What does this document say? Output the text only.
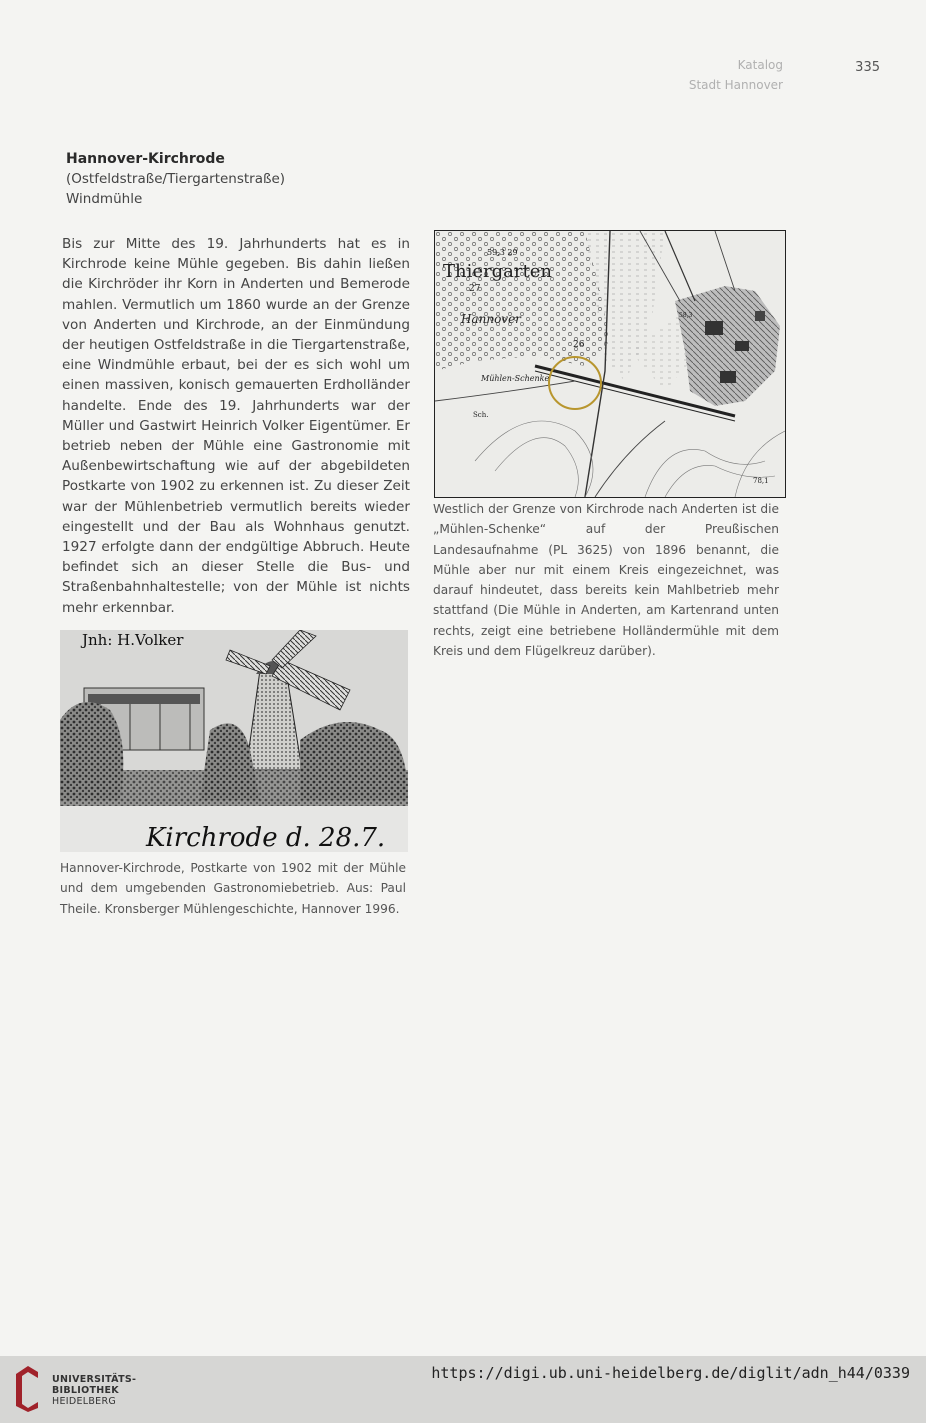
Katalog
Stadt Hannover
335
Hannover-Kirchrode
(Ostfeldstraße/Tiergartenstraße)
Windmühle
Bis zur Mitte des 19. Jahrhunderts hat es in Kirchrode keine Mühle gegeben. Bis dahin ließen die Kirchröder ihr Korn in Anderten und Bemerode mahlen. Vermutlich um 1860 wurde an der Grenze von Anderten und Kirchrode, an der Einmündung der heutigen Ostfeldstraße in die Tiergartenstraße, eine Windmühle erbaut, bei der es sich wohl um einen massiven, konisch gemauerten Erdholländer handelte. Ende des 19. Jahrhunderts war der Müller und Gastwirt Heinrich Volker Eigentümer. Er betrieb neben der Mühle eine Gastronomie mit Außenbewirtschaftung wie auf der abgebildeten Postkarte von 1902 zu erkennen ist. Zu dieser Zeit war der Mühlenbetrieb vermutlich bereits wieder eingestellt und der Bau als Wohnhaus genutzt. 1927 erfolgte dann der endgültige Abbruch. Heute befindet sich an dieser Stelle die Bus- und Straßenbahnhaltestelle; von der Mühle ist nichts mehr erkennbar.
Thiergarten
Hannover
Mühlen-Schenke
Sch.
59,3 29
27
26
58,3
78,1
Westlich der Grenze von Kirchrode nach Anderten ist die „Mühlen-Schenke“ auf der Preußischen Landesaufnahme (PL 3625) von 1896 benannt, die Mühle aber nur mit einem Kreis eingezeichnet, was darauf hindeutet, dass bereits kein Mahlbetrieb mehr stattfand (Die Mühle in Anderten, am Kartenrand unten rechts, zeigt eine betriebene Holländermühle mit dem Kreis und dem Flügelkreuz darüber).
Jnh: H.Volker
Kirchrode d. 28.7.
Hannover-Kirchrode, Postkarte von 1902 mit der Mühle und dem umgebenden Gastronomiebetrieb. Aus: Paul Theile. Kronsberger Mühlengeschichte, Hannover 1996.
UNIVERSITÄTS-
BIBLIOTHEK
HEIDELBERG
https://digi.ub.uni-heidelberg.de/diglit/adn_h44/0339
